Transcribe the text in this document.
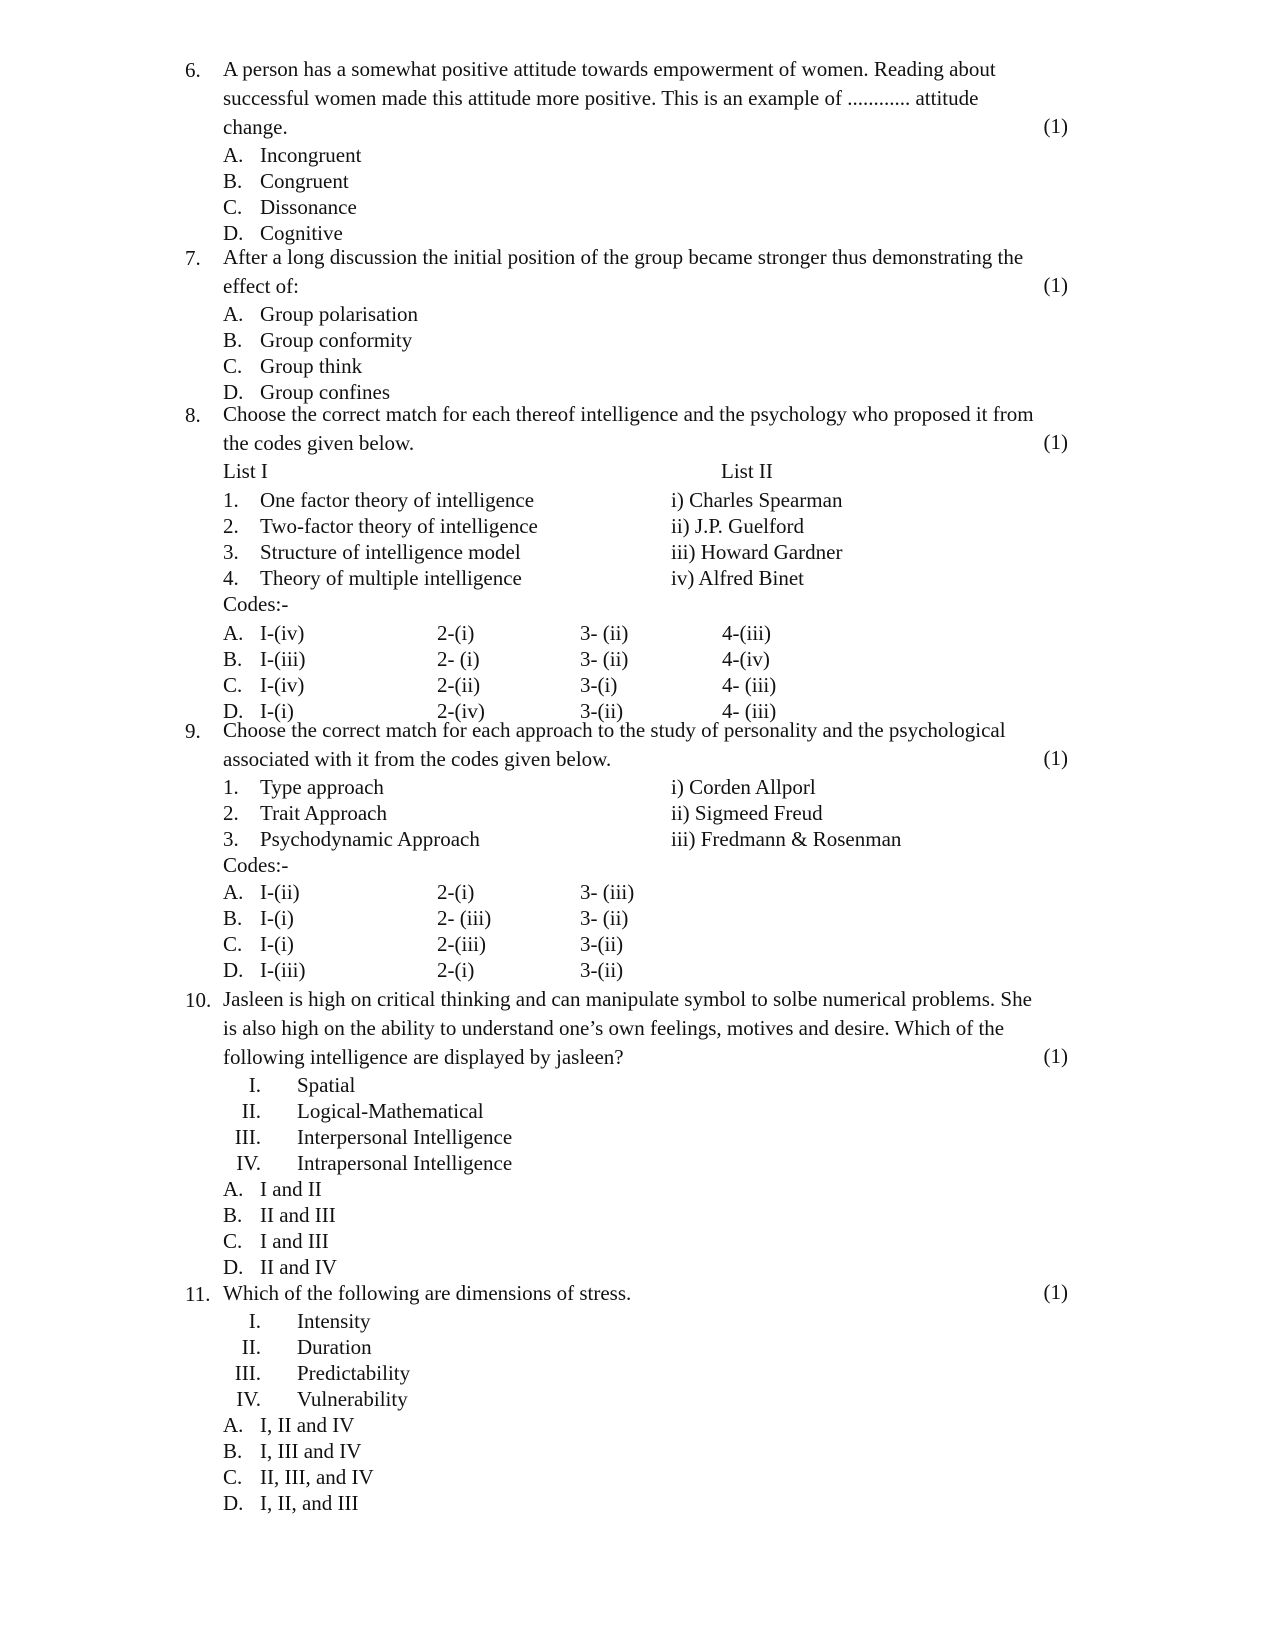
6.	A person has a somewhat positive attitude towards empowerment of women. Reading about
successful women made this attitude more positive. This is an example of ............ attitude
change.	(1)
A. Incongruent
B. Congruent
C. Dissonance
D. Cognitive
7.	After a long discussion the initial position of the group became stronger thus demonstrating the
effect of:	(1)
A. Group polarisation
B. Group conformity
C. Group think
D. Group confines
8.	Choose the correct match for each thereof intelligence and the psychology who proposed it from
the codes given below.	(1)
List I	List II
1. One factor theory of intelligence	i) Charles Spearman
2. Two-factor theory of intelligence	ii) J.P. Guelford
3. Structure of intelligence model	iii) Howard Gardner
4. Theory of multiple intelligence	iv) Alfred Binet
Codes:-
A. I-(iv)	2-(i)	3- (ii)	4-(iii)
B. I-(iii)	2- (i)	3- (ii)	4-(iv)
C. I-(iv)	2-(ii)	3-(i)	4- (iii)
D. I-(i)	2-(iv)	3-(ii)	4- (iii)
9.	Choose the correct match for each approach to the study of personality and the psychological
associated with it from the codes given below.	(1)
1. Type approach	i) Corden Allporl
2. Trait Approach	ii) Sigmeed Freud
3. Psychodynamic Approach	iii) Fredmann & Rosenman
Codes:-
A. I-(ii)	2-(i)	3- (iii)
B. I-(i)	2- (iii)	3- (ii)
C. I-(i)	2-(iii)	3-(ii)
D. I-(iii)	2-(i)	3-(ii)
10. Jasleen is high on critical thinking and can manipulate symbol to solbe numerical problems. She
is also high on the ability to understand one’s own feelings, motives and desire. Which of the
following intelligence are displayed by jasleen?	(1)
I. Spatial
II. Logical-Mathematical
III. Interpersonal Intelligence
IV. Intrapersonal Intelligence
A. I and II
B. II and III
C. I and III
D. II and IV
11. Which of the following are dimensions of stress.	(1)
I. Intensity
II. Duration
III. Predictability
IV. Vulnerability
A. I, II and IV
B. I, III and IV
C. II, III, and IV
D. I, II, and III
